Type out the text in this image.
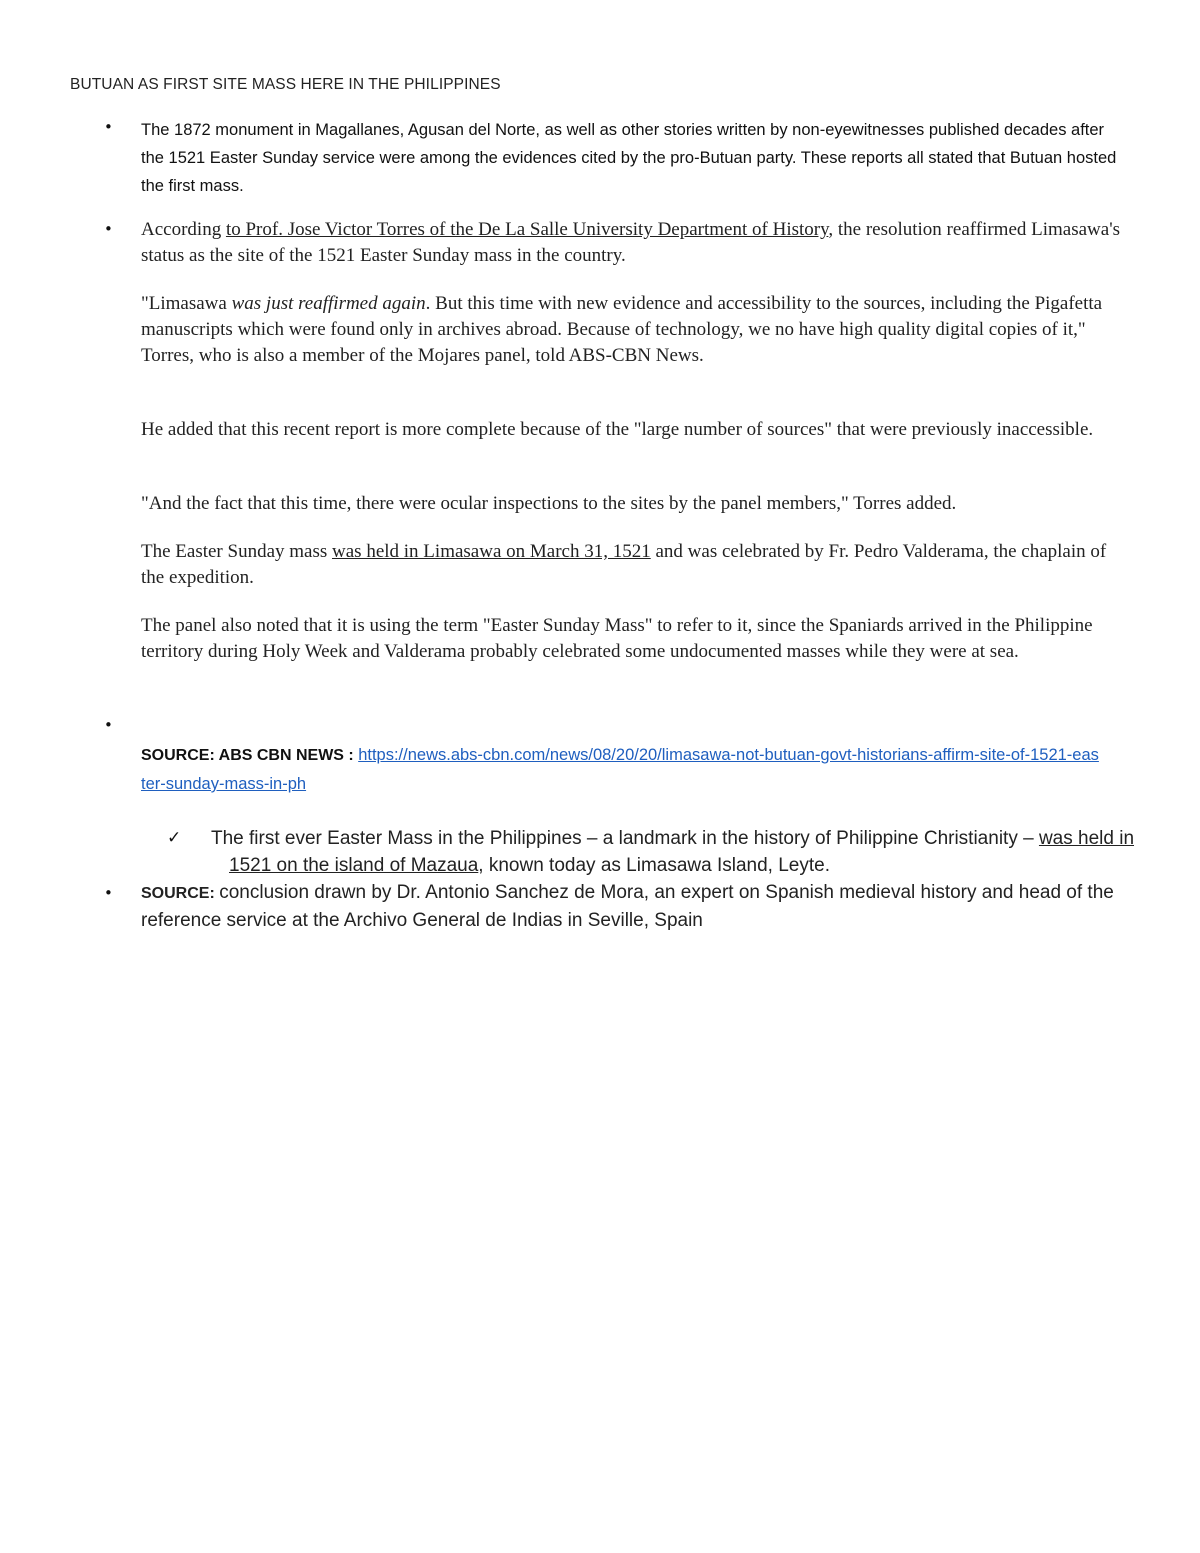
BUTUAN AS FIRST SITE MASS HERE IN THE PHILIPPINES
• The 1872 monument in Magallanes, Agusan del Norte, as well as other stories written by non-eyewitnesses published decades after the 1521 Easter Sunday service were among the evidences cited by the pro-Butuan party. These reports all stated that Butuan hosted the first mass.
• According to Prof. Jose Victor Torres of the De La Salle University Department of History, the resolution reaffirmed Limasawa's status as the site of the 1521 Easter Sunday mass in the country.
"Limasawa was just reaffirmed again. But this time with new evidence and accessibility to the sources, including the Pigafetta manuscripts which were found only in archives abroad. Because of technology, we no have high quality digital copies of it," Torres, who is also a member of the Mojares panel, told ABS-CBN News.
He added that this recent report is more complete because of the "large number of sources" that were previously inaccessible.
"And the fact that this time, there were ocular inspections to the sites by the panel members," Torres added.
The Easter Sunday mass was held in Limasawa on March 31, 1521 and was celebrated by Fr. Pedro Valderama, the chaplain of the expedition.
The panel also noted that it is using the term "Easter Sunday Mass" to refer to it, since the Spaniards arrived in the Philippine territory during Holy Week and Valderama probably celebrated some undocumented masses while they were at sea.
•
SOURCE: ABS CBN NEWS : https://news.abs-cbn.com/news/08/20/20/limasawa-not-butuan-govt-historians-affirm-site-of-1521-easter-sunday-mass-in-ph
✓ The first ever Easter Mass in the Philippines – a landmark in the history of Philippine Christianity – was held in 1521 on the island of Mazaua, known today as Limasawa Island, Leyte.
• SOURCE: conclusion drawn by Dr. Antonio Sanchez de Mora, an expert on Spanish medieval history and head of the reference service at the Archivo General de Indias in Seville, Spain
